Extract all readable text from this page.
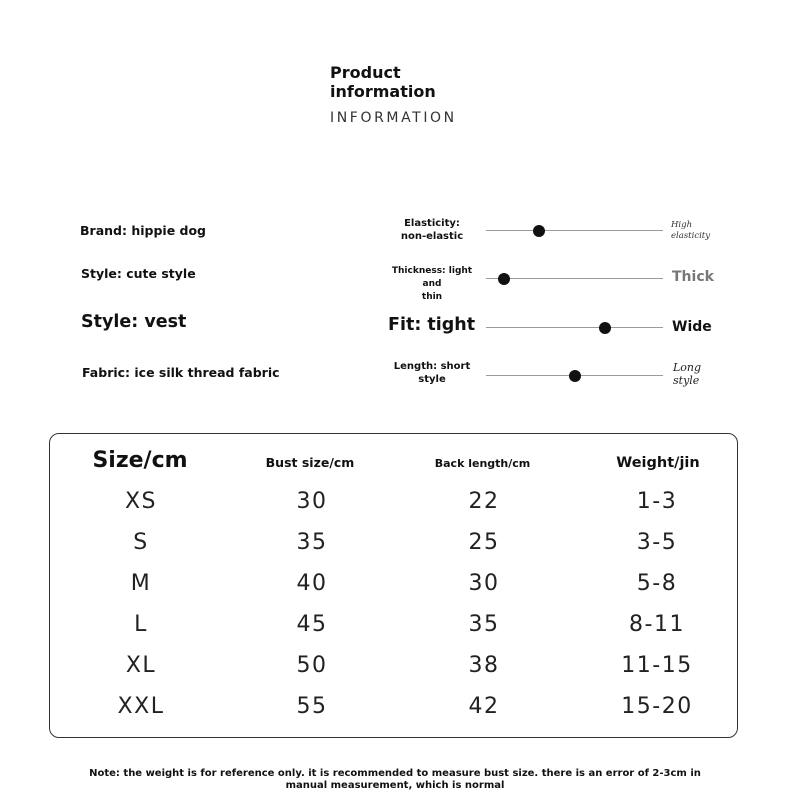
Product
information
INFORMATION
Brand: hippie dog
Style: cute style
Style: vest
Fabric: ice silk thread fabric
Elasticity:
non-elastic
High
elasticity
Thickness: light and
thin
Thick
Fit: tight	Wide
Length: short
style
Long
style
Size/cm	Bust size/cm	Back length/cm	Weight/jin
XS	30	22	1-3
S	35	25	3-5
M	40	30	5-8
L	45	35	8-11
XL	50	38	11-15
XXL	55	42	15-20
Note: the weight is for reference only. it is recommended to measure bust size. there is an error of 2-3cm in manual measurement, which is normal
